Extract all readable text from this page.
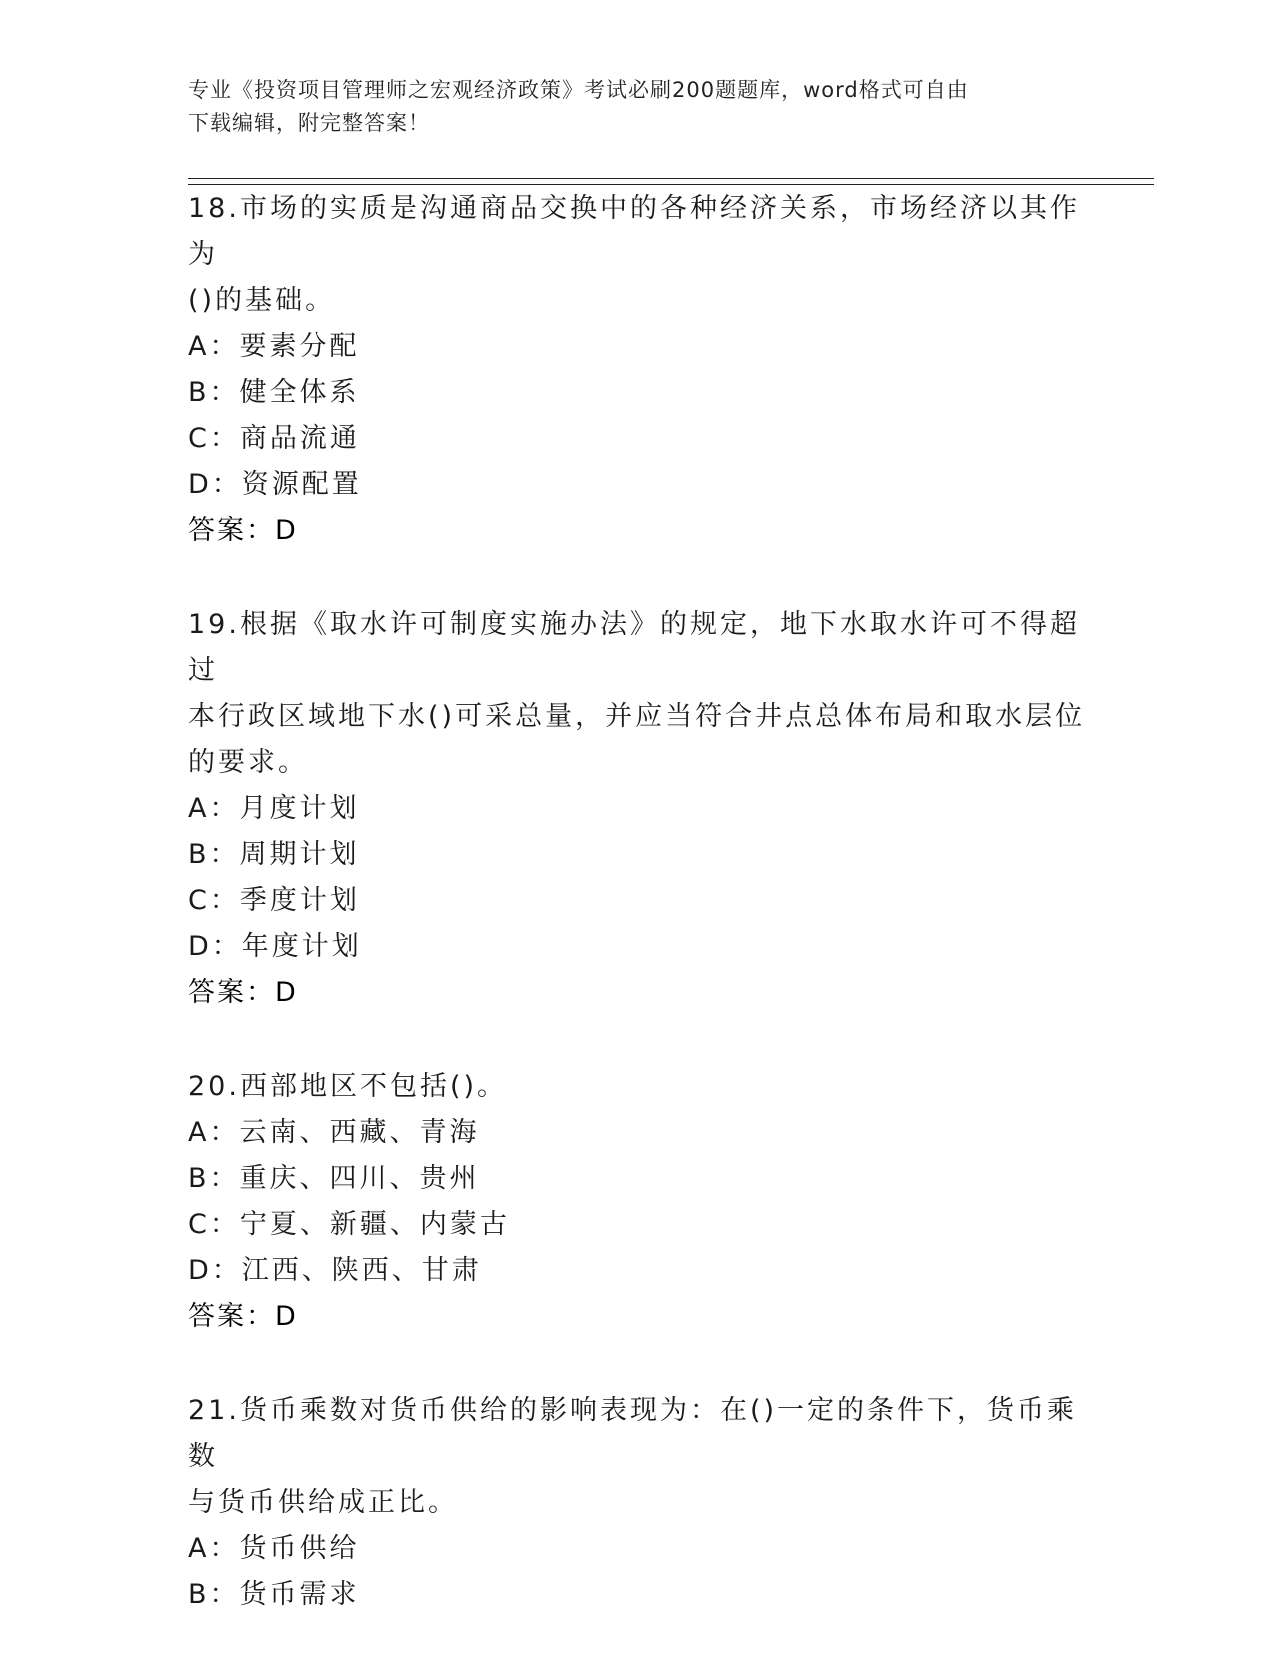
专业《投资项目管理师之宏观经济政策》考试必刷200题题库，word格式可自由
下载编辑，附完整答案！
18.市场的实质是沟通商品交换中的各种经济关系，市场经济以其作为
()的基础。
A：要素分配
B：健全体系
C：商品流通
D：资源配置
答案：D
19.根据《取水许可制度实施办法》的规定，地下水取水许可不得超过
本行政区域地下水()可采总量，并应当符合井点总体布局和取水层位
的要求。
A：月度计划
B：周期计划
C：季度计划
D：年度计划
答案：D
20.西部地区不包括()。
A：云南、西藏、青海
B：重庆、四川、贵州
C：宁夏、新疆、内蒙古
D：江西、陕西、甘肃
答案：D
21.货币乘数对货币供给的影响表现为：在()一定的条件下，货币乘数
与货币供给成正比。
A：货币供给
B：货币需求
